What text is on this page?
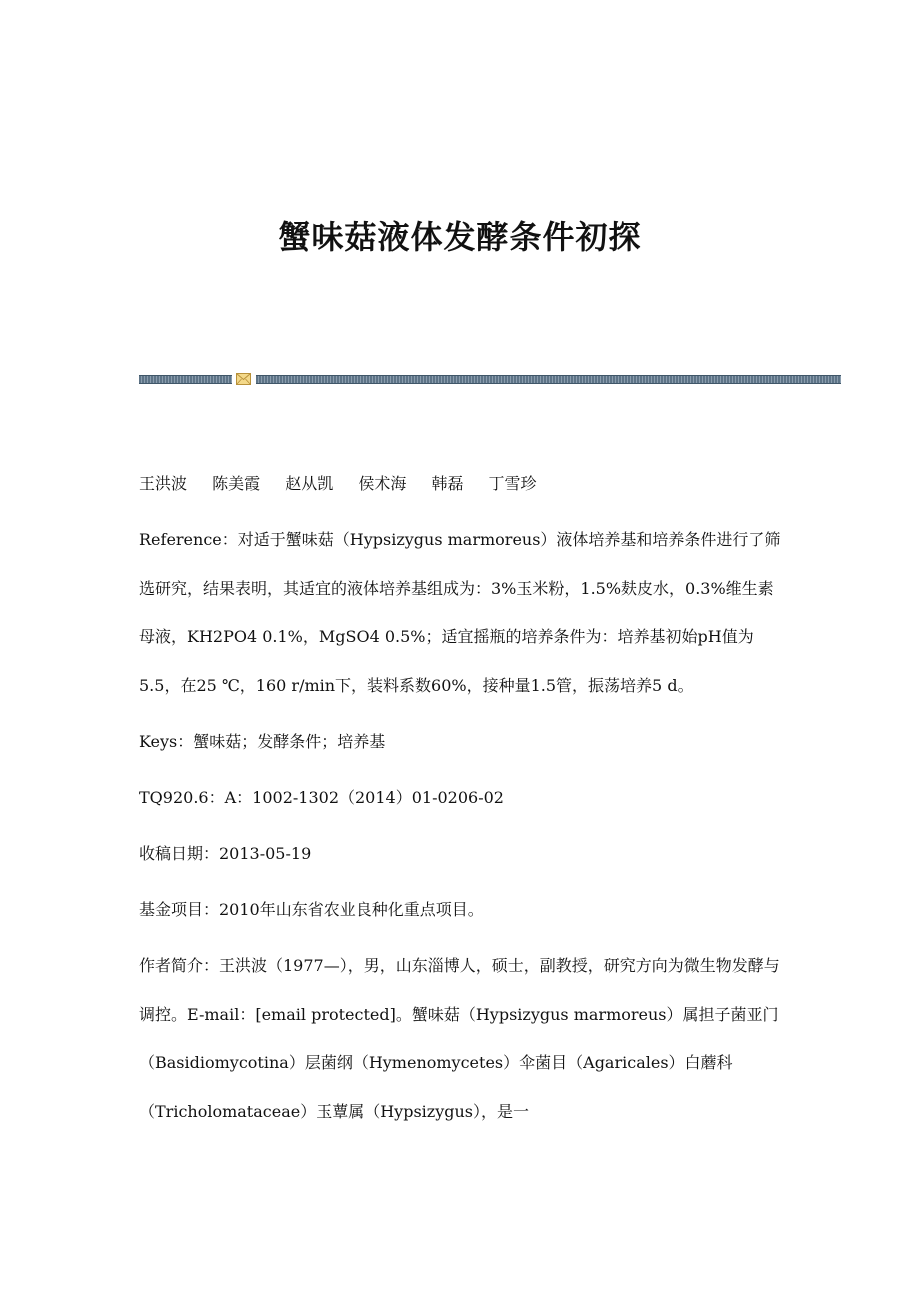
蟹味菇液体发酵条件初探

王洪波 陈美霞 赵从凯 侯术海 韩磊 丁雪珍

Reference：对适于蟹味菇（Hypsizygus marmoreus）液体培养基和培养条件进行了筛选研究，结果表明，其适宜的液体培养基组成为：3%玉米粉，1.5%麸皮水，0.3%维生素母液，KH2PO4 0.1%，MgSO4 0.5%；适宜摇瓶的培养条件为：培养基初始pH值为5.5，在25 ℃，160 r/min下，装料系数60%，接种量1.5管，振荡培养5 d。

Keys：蟹味菇；发酵条件；培养基

TQ920.6：A：1002-1302（2014）01-0206-02

收稿日期：2013-05-19

基金项目：2010年山东省农业良种化重点项目。

作者简介：王洪波（1977—），男，山东淄博人，硕士，副教授，研究方向为微生物发酵与调控。E-mail：[email protected]。蟹味菇（Hypsizygus marmoreus）属担子菌亚门（Basidiomycotina）层菌纲（Hymenomycetes）伞菌目（Agaricales）白蘑科（Tricholomataceae）玉蕈属（Hypsizygus），是一
